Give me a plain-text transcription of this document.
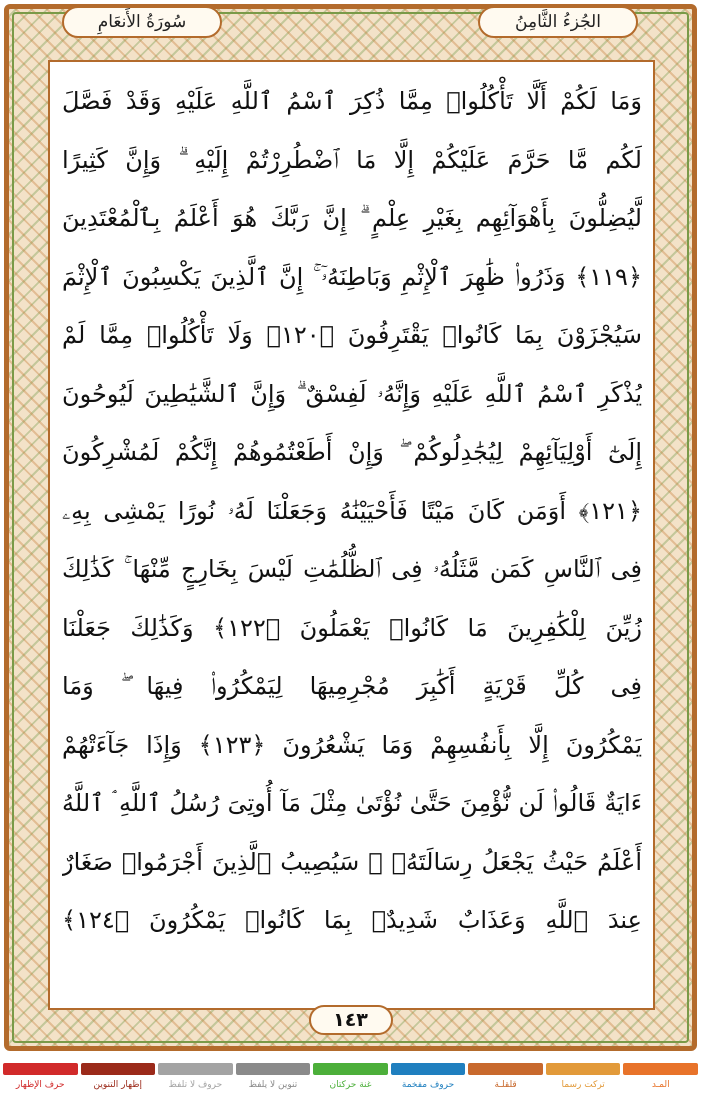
الجُزءُ الثَّامِنُ
سُورَةُ الأَنعَامِ
وَمَا لَكُمْ أَلَّا تَأْكُلُوا۟ مِمَّا ذُكِرَ ٱسْمُ ٱللَّهِ عَلَيْهِ وَقَدْ فَصَّلَ
لَكُم مَّا حَرَّمَ عَلَيْكُمْ إِلَّا مَا ٱضْطُرِرْتُمْ إِلَيْهِ ۗ وَإِنَّ كَثِيرًا
لَّيُضِلُّونَ بِأَهْوَآئِهِم بِغَيْرِ عِلْمٍ ۗ إِنَّ رَبَّكَ هُوَ أَعْلَمُ بِٱلْمُعْتَدِينَ
﴿١١٩﴾ وَذَرُوا۟ ظَٰهِرَ ٱلْإِثْمِ وَبَاطِنَهُۥٓ ۚ إِنَّ ٱلَّذِينَ يَكْسِبُونَ ٱلْإِثْمَ
سَيُجْزَوْنَ بِمَا كَانُوا۟ يَقْتَرِفُونَ ﴿١٢٠﴾ وَلَا تَأْكُلُوا۟ مِمَّا لَمْ
يُذْكَرِ ٱسْمُ ٱللَّهِ عَلَيْهِ وَإِنَّهُۥ لَفِسْقٌ ۗ وَإِنَّ ٱلشَّيَٰطِينَ لَيُوحُونَ
إِلَىٰٓ أَوْلِيَآئِهِمْ لِيُجَٰدِلُوكُمْ ۖ وَإِنْ أَطَعْتُمُوهُمْ إِنَّكُمْ لَمُشْرِكُونَ
﴿١٢١﴾ أَوَمَن كَانَ مَيْتًا فَأَحْيَيْنَٰهُ وَجَعَلْنَا لَهُۥ نُورًا يَمْشِى بِهِۦ
فِى ٱلنَّاسِ كَمَن مَّثَلُهُۥ فِى ٱلظُّلُمَٰتِ لَيْسَ بِخَارِجٍ مِّنْهَا ۚ كَذَٰلِكَ
زُيِّنَ لِلْكَٰفِرِينَ مَا كَانُوا۟ يَعْمَلُونَ ﴿١٢٢﴾ وَكَذَٰلِكَ جَعَلْنَا
فِى كُلِّ قَرْيَةٍ أَكَٰبِرَ مُجْرِمِيهَا لِيَمْكُرُوا۟ فِيهَا ۖ وَمَا
يَمْكُرُونَ إِلَّا بِأَنفُسِهِمْ وَمَا يَشْعُرُونَ ﴿١٢٣﴾ وَإِذَا جَآءَتْهُمْ
ءَايَةٌ قَالُوا۟ لَن نُّؤْمِنَ حَتَّىٰ نُؤْتَىٰ مِثْلَ مَآ أُوتِىَ رُسُلُ ٱللَّهِ ۘ ٱللَّهُ
أَعْلَمُ حَيْثُ يَجْعَلُ رِسَالَتَهُۥ ۗ سَيُصِيبُ ٱلَّذِينَ أَجْرَمُوا۟ صَغَارٌ
عِندَ ٱللَّهِ وَعَذَابٌ شَدِيدٌۢ بِمَا كَانُوا۟ يَمْكُرُونَ ﴿١٢٤﴾
١٤٣
المـد
تركت رسما
قلقلـة
حروف مفخمة
غنة حركتان
تنوين لا يلفظ
حروف لا تلفظ
إظهار التنوين
حرف الإظهار
